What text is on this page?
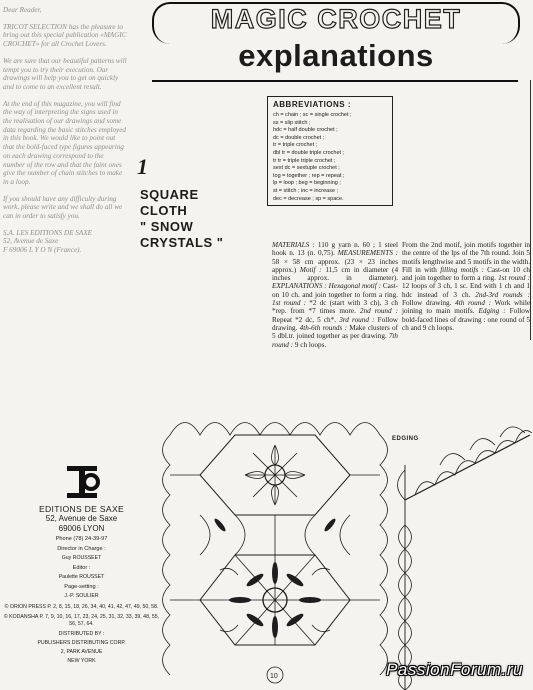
Dear Reader,

TRICOT SELECTION has the pleasure to bring out this special publication «MAGIC CROCHET» for all Crochet Lovers.

We are sure that our beautiful patterns will tempt you to try their execution. Our drawings will help you to get on quickly and to come to an excellent result.

At the end of this magazine, you will find the way of interpreting the signs used in the realisation of our drawings and some data regarding the basic stitches employed in this book. We would like to point out that the bold-faced type figures appearing on each drawing correspond to the number of the row and that the faint ones give the number of chain stitches to make in a loop.

If you should have any difficulty during work, please write and we shall do all we can in order to satisfy you.

S.A. LES EDITIONS DE SAXE

52, Avenue de Saxe

F 69006 L Y O N (France).

EDITIONS DE SAXE
52, Avenue de Saxe
69006 LYON
Phone (78) 24-39-97
Director in Charge :
Guy ROUSSEET
Editor :
Paulette ROUSSET
Page-setting :
J.-P. SOULIER
© ORION PRESS P. 2, 8, 15, 18, 26, 34, 40, 41, 42, 47, 49, 50, 58.
© KODANSHA P. 7, 9, 10, 16, 17, 23, 24, 25, 31, 32, 33, 39, 48, 55, 56, 57, 64.
DISTRIBUTED BY :
PUBLISHERS DISTRIBUTING CORP.
2, PARK AVENUE
NEW YORK
MAGIC CROCHET
explanations
ABBREVIATIONS :
ch = chain ; sc = single crochet ;
ss = slip stitch ;
hdc = half double crochet ;
dc = double crochet ;
tr = triple crochet ;
dbl tr = double triple crochet ;
tr tr = triple triple crochet ;
sext dc = sextuple crochet ;
tog = together ; rep = repeat ;
lp = loop ; beg = beginning ;
st = stitch ; inc = increase ;
dec = decrease ; sp = space.
1
SQUARE
CLOTH
" SNOW
CRYSTALS "	MATERIALS : 110 g yarn n. 60 ; 1 steel hook n. 13 (n. 0,75). MEASUREMENTS : 58 × 58 cm approx. (23 × 23 inches approx.) Motif : 11,5 cm in diameter (4 inches approx. in diameter). EXPLANATIONS : Hexagonal motif : Cast-on 10 ch. and join together to form a ring. 1st round : *2 dc (start with 3 ch), 3 ch *rep. from *7 times more. 2nd round : Repeat *2 dc, 5 ch*. 3rd round : Follow drawing. 4th-6th rounds : Make clusters of 5 dbl.tr. joined together as per drawing. 7th round : 9 ch loops.
From the 2nd motif, join motifs together in the centre of the lps of the 7th round. Join 5 motifs lengthwise and 5 motifs in the width. Fill in with filling motifs : Cast-on 10 ch and join together to form a ring. 1st round : 12 loops of 3 ch, 1 sc. End with 1 ch and 1 hdc instead of 3 ch. 2nd-3rd rounds : Follow drawing. 4th round : Work while joining to main motifs. Edging : Follow bold-faced lines of drawing : one round of 5 ch and 9 ch loops.
EDGING
10	PassionForum.ru
